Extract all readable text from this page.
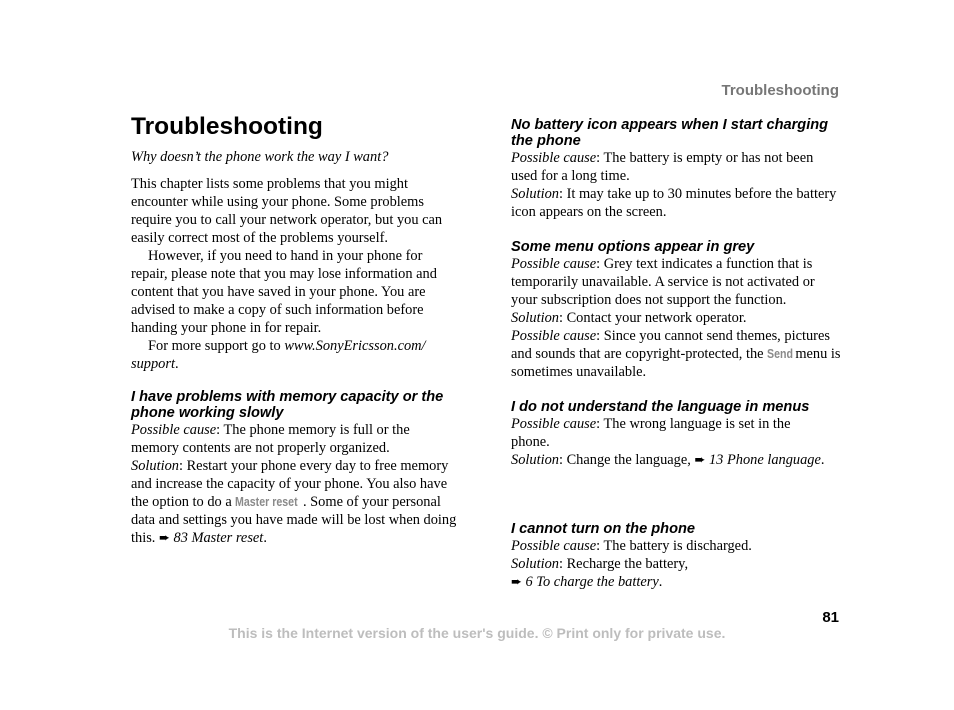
Troubleshooting
Troubleshooting
Why doesn’t the phone work the way I want?

This chapter lists some problems that you might encounter while using your phone. Some problems require you to call your network operator, but you can easily correct most of the problems yourself.

However, if you need to hand in your phone for repair, please note that you may lose information and content that you have saved in your phone. You are advised to make a copy of such information before handing your phone in for repair.

For more support go to www.SonyEricsson.com/ support.

I have problems with memory capacity or the phone working slowly

Possible cause: The phone memory is full or the memory contents are not properly organized.

Solution: Restart your phone every day to free memory and increase the capacity of your phone. You also have the option to do a Master reset . Some of your personal data and settings you have made will be lost when doing this. ➨ 83 Master reset.

No battery icon appears when I start charging the phone

Possible cause: The battery is empty or has not been used for a long time.

Solution: It may take up to 30 minutes before the battery icon appears on the screen.

Some menu options appear in grey

Possible cause: Grey text indicates a function that is temporarily unavailable. A service is not activated or your subscription does not support the function.

Solution: Contact your network operator.

Possible cause: Since you cannot send themes, pictures and sounds that are copyright-protected, the Send menu is sometimes unavailable.

I do not understand the language in menus

Possible cause: The wrong language is set in the phone.

Solution: Change the language, ➨ 13 Phone language.

I cannot turn on the phone

Possible cause: The battery is discharged.

Solution: Recharge the battery,

➨ 6 To charge the battery.

81
This is the Internet version of the user's guide. © Print only for private use.
